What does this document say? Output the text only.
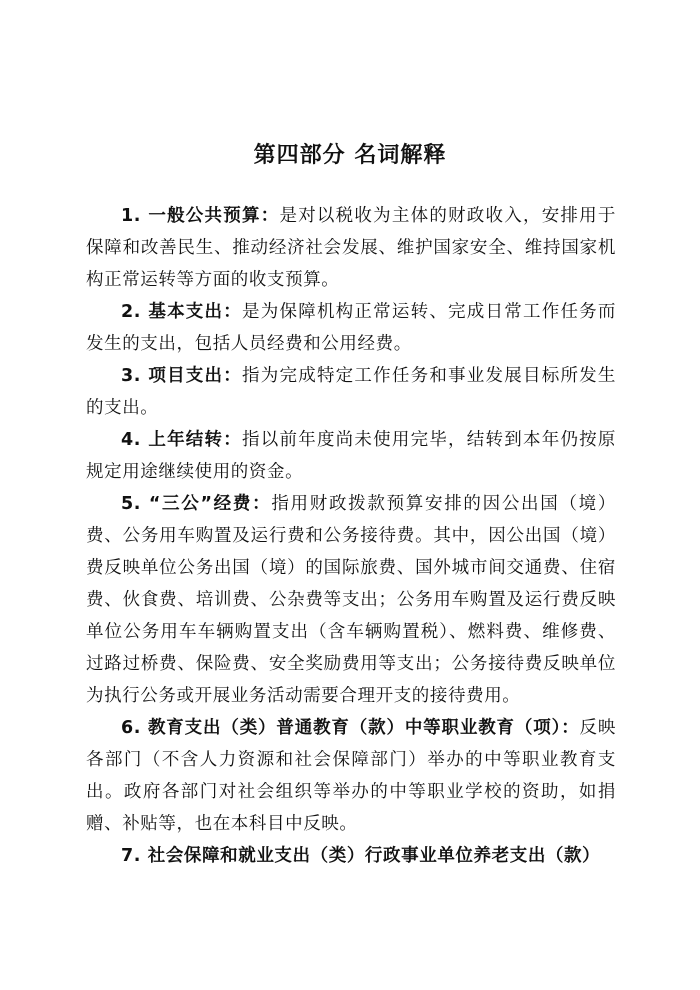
第四部分 名词解释

1. 一般公共预算：是对以税收为主体的财政收入，安排用于保障和改善民生、推动经济社会发展、维护国家安全、维持国家机构正常运转等方面的收支预算。

2. 基本支出：是为保障机构正常运转、完成日常工作任务而发生的支出，包括人员经费和公用经费。

3. 项目支出：指为完成特定工作任务和事业发展目标所发生的支出。

4. 上年结转：指以前年度尚未使用完毕，结转到本年仍按原规定用途继续使用的资金。

5. “三公”经费：指用财政拨款预算安排的因公出国（境）费、公务用车购置及运行费和公务接待费。其中，因公出国（境）费反映单位公务出国（境）的国际旅费、国外城市间交通费、住宿费、伙食费、培训费、公杂费等支出；公务用车购置及运行费反映单位公务用车车辆购置支出（含车辆购置税）、燃料费、维修费、过路过桥费、保险费、安全奖励费用等支出；公务接待费反映单位为执行公务或开展业务活动需要合理开支的接待费用。

6. 教育支出（类）普通教育（款）中等职业教育（项）：反映各部门（不含人力资源和社会保障部门）举办的中等职业教育支出。政府各部门对社会组织等举办的中等职业学校的资助，如捐赠、补贴等，也在本科目中反映。

7. 社会保障和就业支出（类）行政事业单位养老支出（款）
